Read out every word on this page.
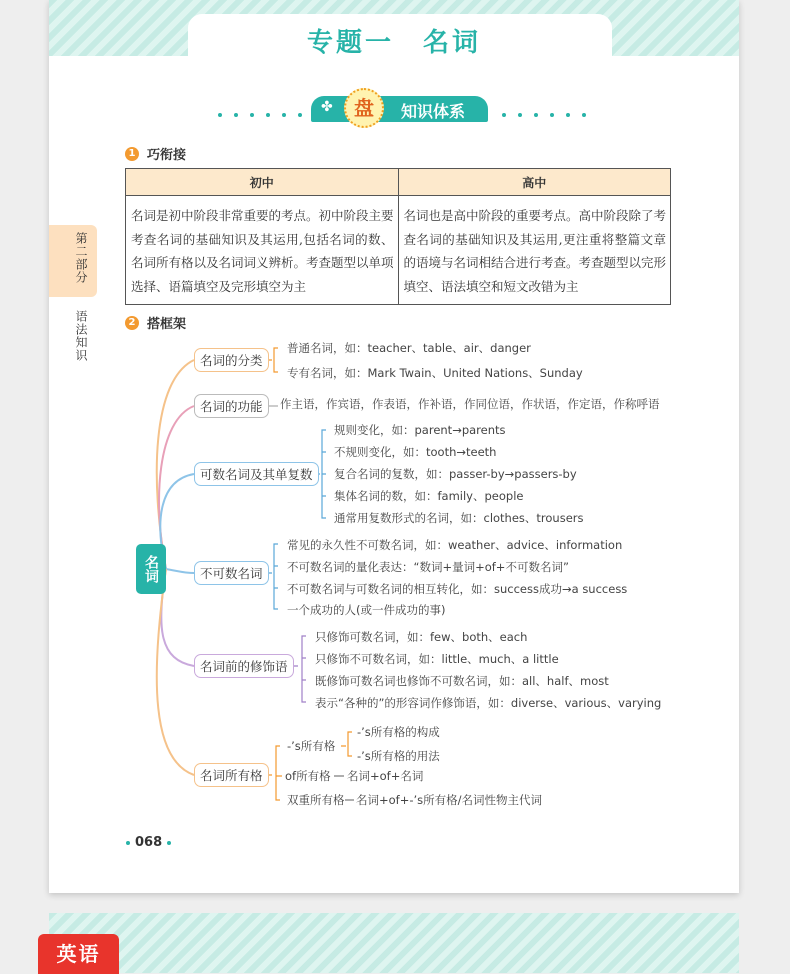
专题一　名词
✤	盘	知识体系
1 巧衔接
初中	高中
名词是初中阶段非常重要的考点。初中阶段主要考查名词的基础知识及其运用,包括名词的数、名词所有格以及名词词义辨析。考查题型以单项选择、语篇填空及完形填空为主	名词也是高中阶段的重要考点。高中阶段除了考查名词的基础知识及其运用,更注重将整篇文章的语境与名词相结合进行考查。考查题型以完形填空、语法填空和短文改错为主
第二部分
语法知识	2 搭框架
名词
名词的分类
普通名词，如：teacher、table、air、danger
专有名词，如：Mark Twain、United Nations、Sunday
名词的功能	作主语，作宾语，作表语，作补语，作同位语，作状语，作定语，作称呼语
可数名词及其单复数
规则变化，如：parent→parents
不规则变化，如：tooth→teeth
复合名词的复数，如：passer-by→passers-by
集体名词的数，如：family、people
通常用复数形式的名词，如：clothes、trousers
不可数名词
常见的永久性不可数名词，如：weather、advice、information
不可数名词的量化表达：“数词+量词+of+不可数名词”
不可数名词与可数名词的相互转化，如：success成功→a success
一个成功的人(或一件成功的事)
名词前的修饰语
只修饰可数名词，如：few、both、each
只修饰不可数名词，如：little、much、a little
既修饰可数名词也修饰不可数名词，如：all、half、most
表示“各种的”的形容词作修饰语，如：diverse、various、varying
名词所有格
-’s所有格
-’s所有格的构成
-’s所有格的用法
of所有格 名词+of+名词
双重所有格 名词+of+-’s所有格/名词性物主代词
068
英语
